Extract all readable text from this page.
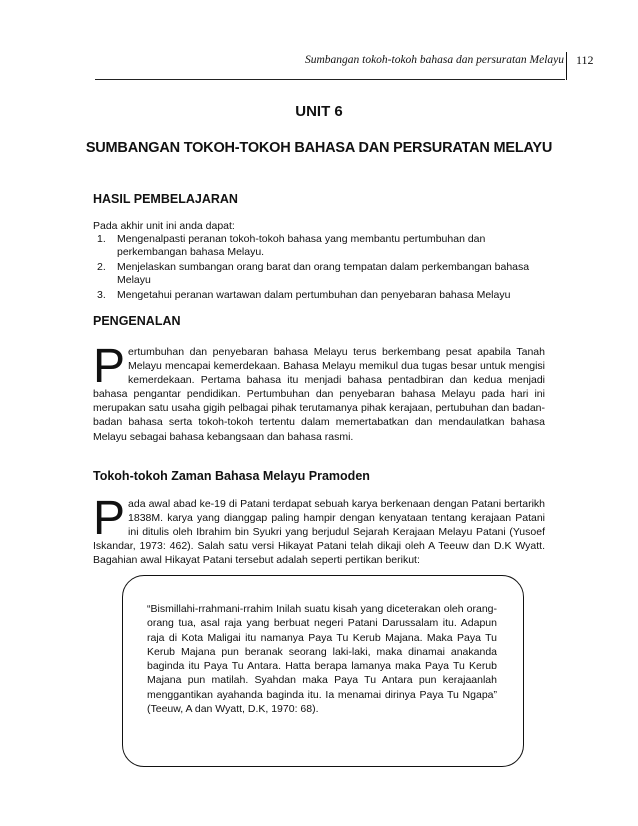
Sumbangan tokoh-tokoh bahasa dan persuratan Melayu	112
UNIT 6
SUMBANGAN TOKOH-TOKOH BAHASA DAN PERSURATAN MELAYU
HASIL PEMBELAJARAN
Pada akhir unit ini anda dapat:
1. Mengenalpasti peranan tokoh-tokoh bahasa yang membantu pertumbuhan dan perkembangan bahasa Melayu.
2. Menjelaskan sumbangan orang barat dan orang tempatan dalam perkembangan bahasa Melayu
3. Mengetahui peranan wartawan dalam pertumbuhan dan penyebaran bahasa Melayu
PENGENALAN

Pertumbuhan dan penyebaran bahasa Melayu terus berkembang pesat apabila Tanah Melayu mencapai kemerdekaan. Bahasa Melayu memikul dua tugas besar untuk mengisi kemerdekaan. Pertama bahasa itu menjadi bahasa pentadbiran dan kedua menjadi bahasa pengantar pendidikan. Pertumbuhan dan penyebaran bahasa Melayu pada hari ini merupakan satu usaha gigih pelbagai pihak terutamanya pihak kerajaan, pertubuhan dan badan-badan bahasa serta tokoh-tokoh tertentu dalam memertabatkan dan mendaulatkan bahasa Melayu sebagai bahasa kebangsaan dan bahasa rasmi.

Tokoh-tokoh Zaman Bahasa Melayu Pramoden

Pada awal abad ke-19 di Patani terdapat sebuah karya berkenaan dengan Patani bertarikh 1838M. karya yang dianggap paling hampir dengan kenyataan tentang kerajaan Patani ini ditulis oleh Ibrahim bin Syukri yang berjudul Sejarah Kerajaan Melayu Patani (Yusoef Iskandar, 1973: 462). Salah satu versi Hikayat Patani telah dikaji oleh A Teeuw dan D.K Wyatt. Bagahian awal Hikayat Patani tersebut adalah seperti pertikan berikut:

“Bismillahi-rrahmani-rrahim Inilah suatu kisah yang diceterakan oleh orang-orang tua, asal raja yang berbuat negeri Patani Darussalam itu. Adapun raja di Kota Maligai itu namanya Paya Tu Kerub Majana. Maka Paya Tu Kerub Majana pun beranak seorang laki-laki, maka dinamai anakanda baginda itu Paya Tu Antara. Hatta berapa lamanya maka Paya Tu Kerub Majana pun matilah. Syahdan maka Paya Tu Antara pun kerajaanlah menggantikan ayahanda baginda itu. Ia menamai dirinya Paya Tu Ngapa” (Teeuw, A dan Wyatt, D.K, 1970: 68).
